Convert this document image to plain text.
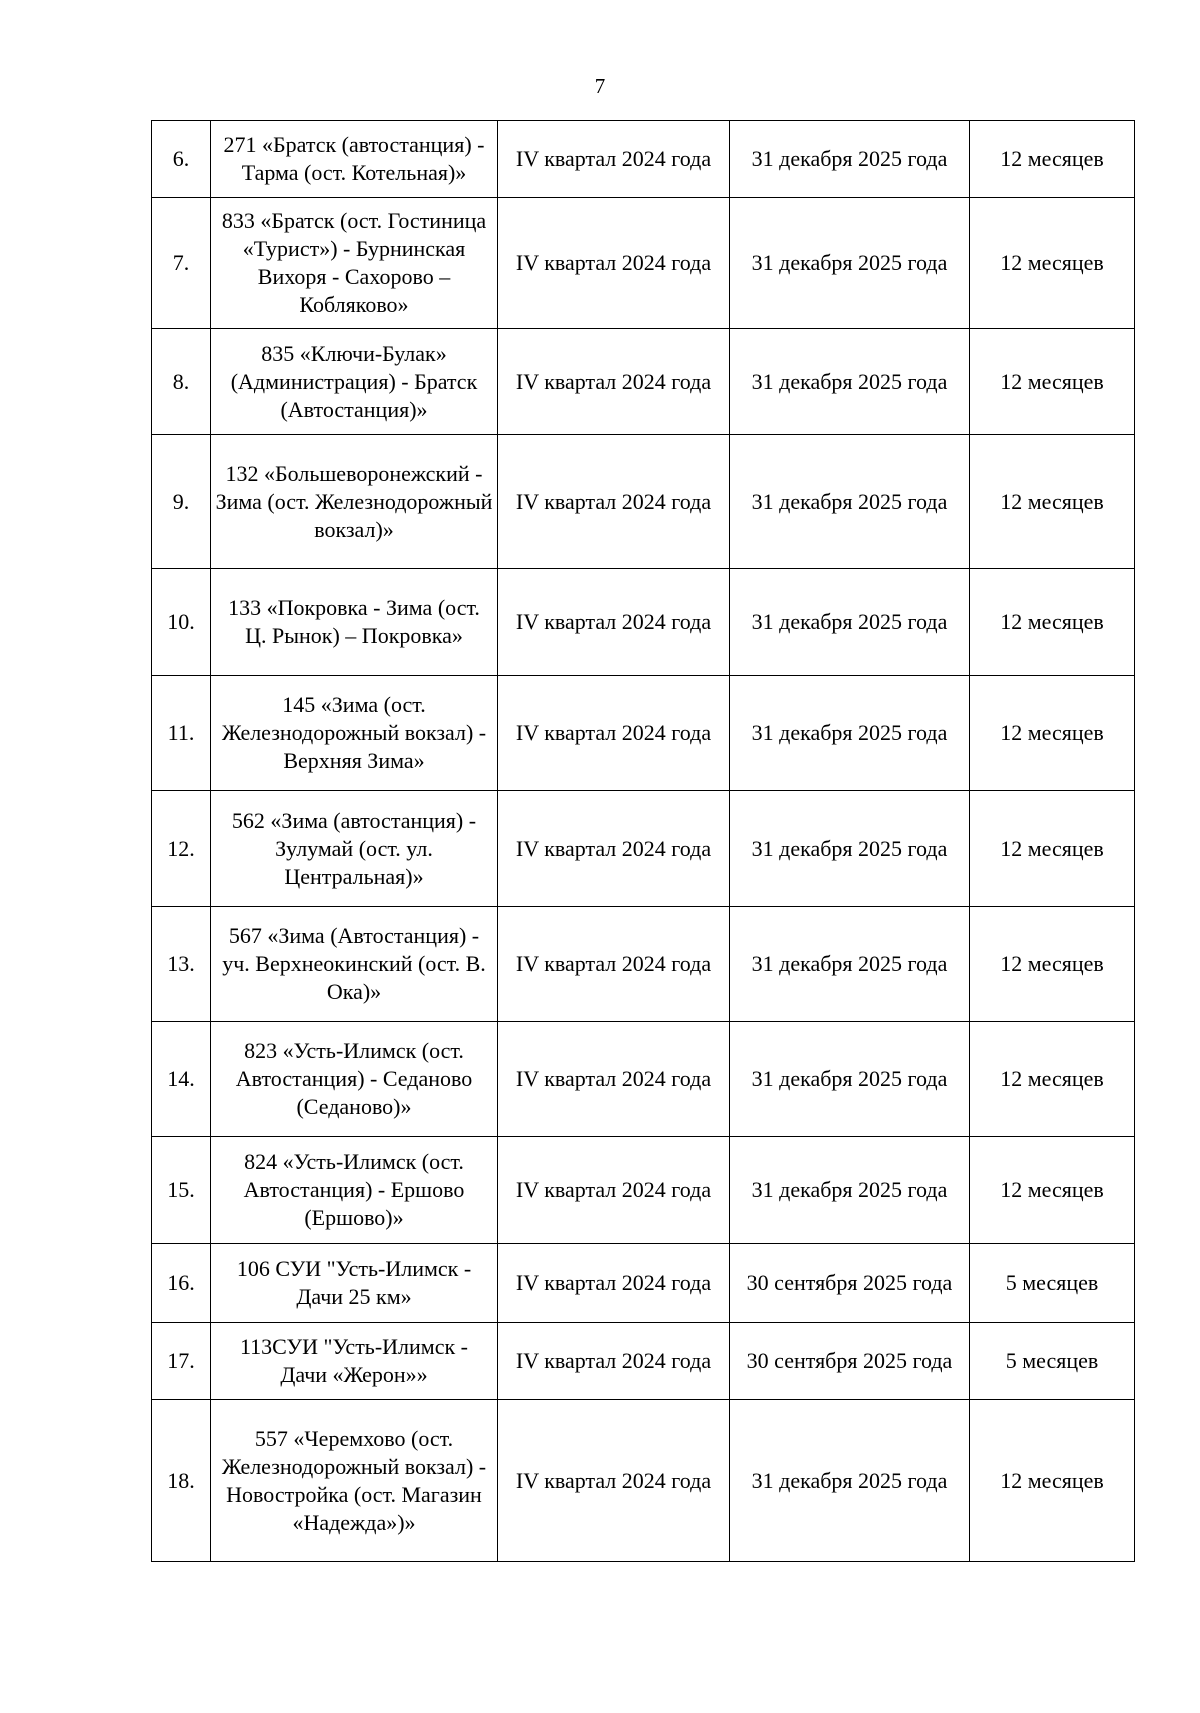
7
6.	271 «Братск (автостанция) - Тарма (ост. Котельная)»	IV квартал 2024 года	31 декабря 2025 года	12 месяцев
7.	833 «Братск (ост. Гостиница «Турист») - Бурнинская Вихоря - Сахорово – Кобляково»	IV квартал 2024 года	31 декабря 2025 года	12 месяцев
8.	835 «Ключи-Булак» (Администрация) - Братск (Автостанция)»	IV квартал 2024 года	31 декабря 2025 года	12 месяцев
9.	132 «Большеворонежский - Зима (ост. Железнодорожный вокзал)»	IV квартал 2024 года	31 декабря 2025 года	12 месяцев
10.	133 «Покровка - Зима (ост. Ц. Рынок) – Покровка»	IV квартал 2024 года	31 декабря 2025 года	12 месяцев
11.	145 «Зима (ост. Железнодорожный вокзал) - Верхняя Зима»	IV квартал 2024 года	31 декабря 2025 года	12 месяцев
12.	562 «Зима (автостанция) - Зулумай (ост. ул. Центральная)»	IV квартал 2024 года	31 декабря 2025 года	12 месяцев
13.	567 «Зима (Автостанция) - уч. Верхнеокинский (ост. В. Ока)»	IV квартал 2024 года	31 декабря 2025 года	12 месяцев
14.	823 «Усть-Илимск (ост. Автостанция) - Седаново (Седаново)»	IV квартал 2024 года	31 декабря 2025 года	12 месяцев
15.	824 «Усть-Илимск (ост. Автостанция) - Ершово (Ершово)»	IV квартал 2024 года	31 декабря 2025 года	12 месяцев
16.	106 СУИ "Усть-Илимск - Дачи 25 км»	IV квартал 2024 года	30 сентября 2025 года	5 месяцев
17.	113СУИ "Усть-Илимск - Дачи «Жерон»»	IV квартал 2024 года	30 сентября 2025 года	5 месяцев
18.	557 «Черемхово (ост. Железнодорожный вокзал) - Новостройка (ост. Магазин «Надежда»)»	IV квартал 2024 года	31 декабря 2025 года	12 месяцев
